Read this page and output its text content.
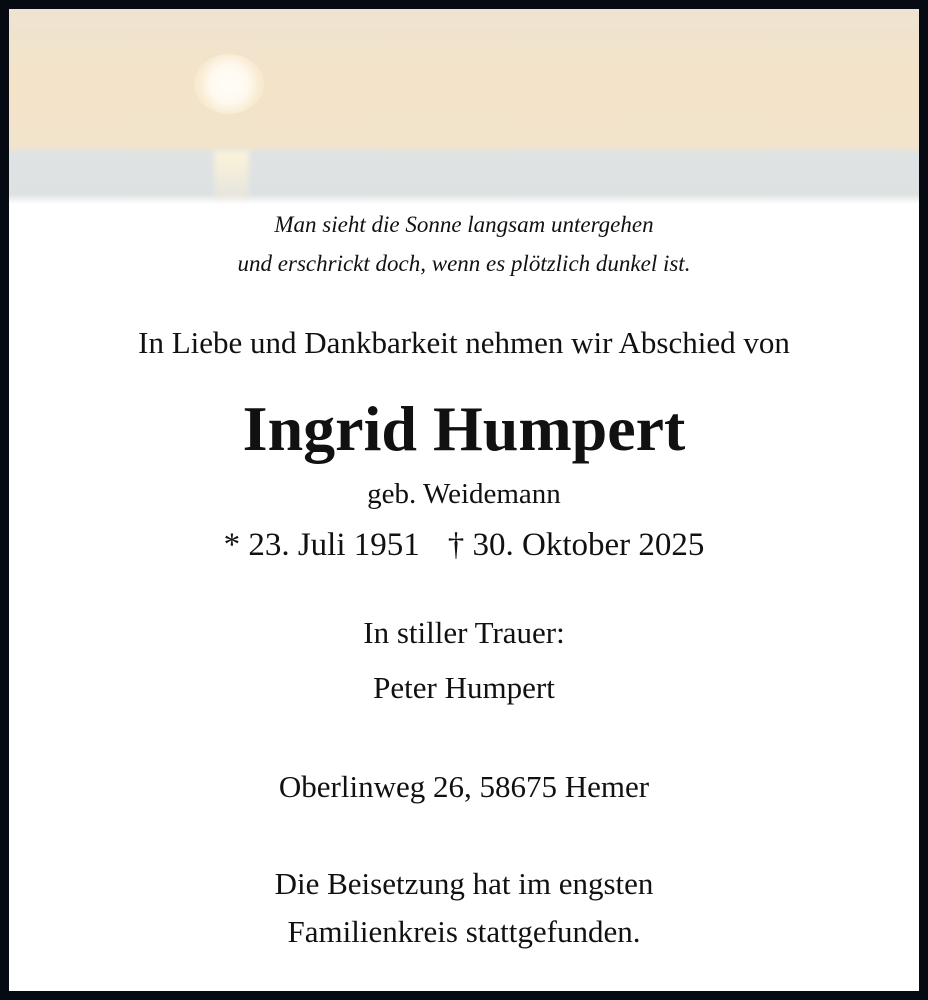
Man sieht die Sonne langsam untergehen
und erschrickt doch, wenn es plötzlich dunkel ist.
In Liebe und Dankbarkeit nehmen wir Abschied von
Ingrid Humpert
geb. Weidemann
* 23. Juli 1951 † 30. Oktober 2025
In stiller Trauer:
Peter Humpert
Oberlinweg 26, 58675 Hemer
Die Beisetzung hat im engsten
Familienkreis stattgefunden.
